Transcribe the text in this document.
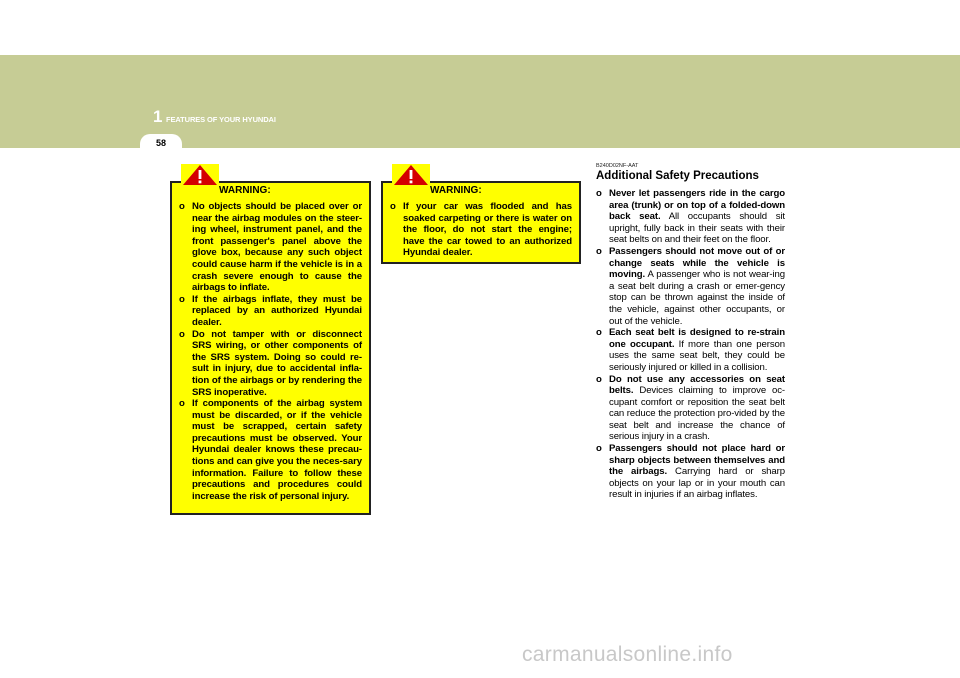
1 FEATURES OF YOUR HYUNDAI
58
o No objects should be placed over or near the airbag modules on the steer-ing wheel, instrument panel, and the front passenger's panel above the glove box, because any such object could cause harm if the vehicle is in a crash severe enough to cause the airbags to inflate.
o If the airbags inflate, they must be replaced by an authorized Hyundai dealer.
o Do not tamper with or disconnect SRS wiring, or other components of the SRS system. Doing so could re-sult in injury, due to accidental infla-tion of the airbags or by rendering the SRS inoperative.
o If components of the airbag system must be discarded, or if the vehicle must be scrapped, certain safety precautions must be observed. Your Hyundai dealer knows these precau-tions and can give you the neces-sary information. Failure to follow these precautions and procedures could increase the risk of personal injury.
WARNING:
o If your car was flooded and has soaked carpeting or there is water on the floor, do not start the engine; have the car towed to an authorized Hyundai dealer.
WARNING:
B240D02NF-AAT
Additional Safety Precautions
o Never let passengers ride in the cargo area (trunk) or on top of a folded-down back seat. All occupants should sit upright, fully back in their seats with their seat belts on and their feet on the floor.
o Passengers should not move out of or change seats while the vehicle is moving. A passenger who is not wear-ing a seat belt during a crash or emer-gency stop can be thrown against the inside of the vehicle, against other occupants, or out of the vehicle.
o Each seat belt is designed to re-strain one occupant. If more than one person uses the same seat belt, they could be seriously injured or killed in a collision.
o Do not use any accessories on seat belts. Devices claiming to improve oc-cupant comfort or reposition the seat belt can reduce the protection pro-vided by the seat belt and increase the chance of serious injury in a crash.
o Passengers should not place hard or sharp objects between themselves and the airbags. Carrying hard or sharp objects on your lap or in your mouth can result in injuries if an airbag inflates.
carmanualsonline.info
